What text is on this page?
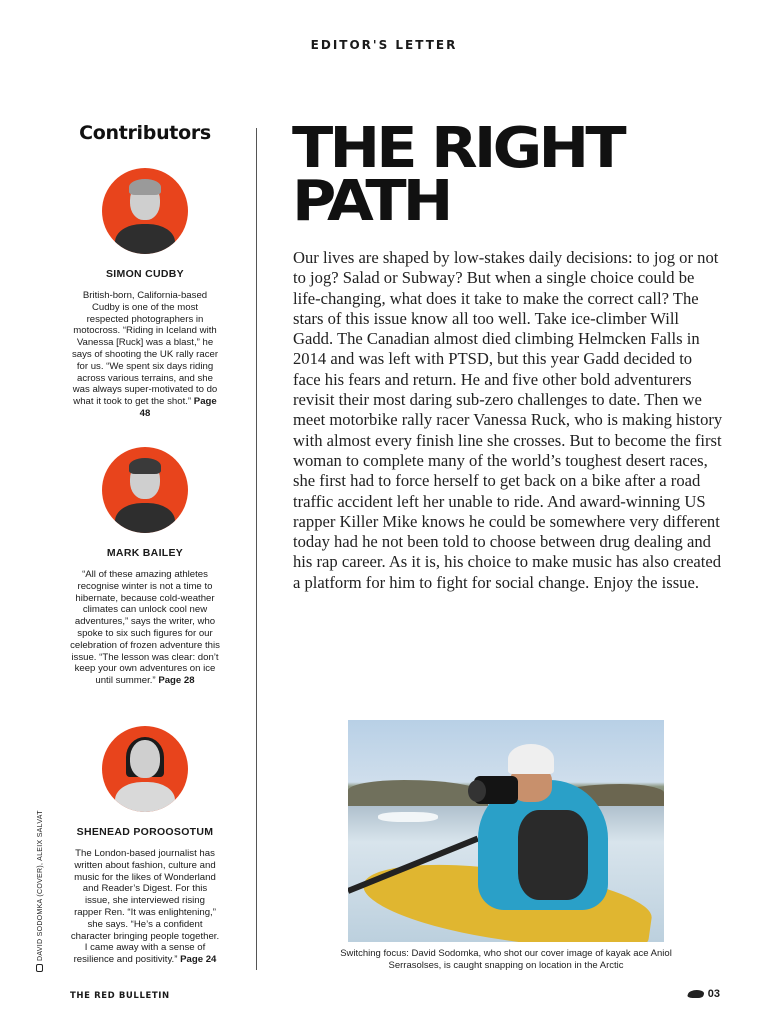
EDITOR'S LETTER
Contributors
SIMON CUDBY
British-born, California-based Cudby is one of the most respected photographers in motocross. “Riding in Iceland with Vanessa [Ruck] was a blast,” he says of shooting the UK rally racer for us. “We spent six days riding across various terrains, and she was always super-motivated to do what it took to get the shot.” Page 48
MARK BAILEY
“All of these amazing athletes recognise winter is not a time to hibernate, because cold-weather climates can unlock cool new adventures,” says the writer, who spoke to six such figures for our celebration of frozen adventure this issue. “The lesson was clear: don’t keep your own adventures on ice until summer.” Page 28
SHENEAD POROOSOTUM
The London-based journalist has written about fashion, culture and music for the likes of Wonderland and Reader’s Digest. For this issue, she interviewed rising rapper Ren. “It was enlightening,” she says. “He’s a confident character bringing people together. I came away with a sense of resilience and positivity.” Page 24
DAVID SODOMKA (COVER), ALEIX SALVAT
THE RIGHT
PATH

Our lives are shaped by low-stakes daily decisions: to jog or not to jog? Salad or Subway? But when a single choice could be life-changing, what does it take to make the correct call? The stars of this issue know all too well. Take ice-climber Will Gadd. The Canadian almost died climbing Helmcken Falls in 2014 and was left with PTSD, but this year Gadd decided to face his fears and return. He and five other bold adventurers revisit their most daring sub-zero challenges to date. Then we meet motorbike rally racer Vanessa Ruck, who is making history with almost every finish line she crosses. But to become the first woman to complete many of the world’s toughest desert races, she first had to force herself to get back on a bike after a road traffic accident left her unable to ride. And award-winning US rapper Killer Mike knows he could be somewhere very different today had he not been told to choose between drug dealing and his rap career. As it is, his choice to make music has also created a platform for him to fight for social change. Enjoy the issue.

Switching focus: David Sodomka, who shot our cover image of kayak ace Aniol Serrasolses, is caught snapping on location in the Arctic
THE RED BULLETIN	03
